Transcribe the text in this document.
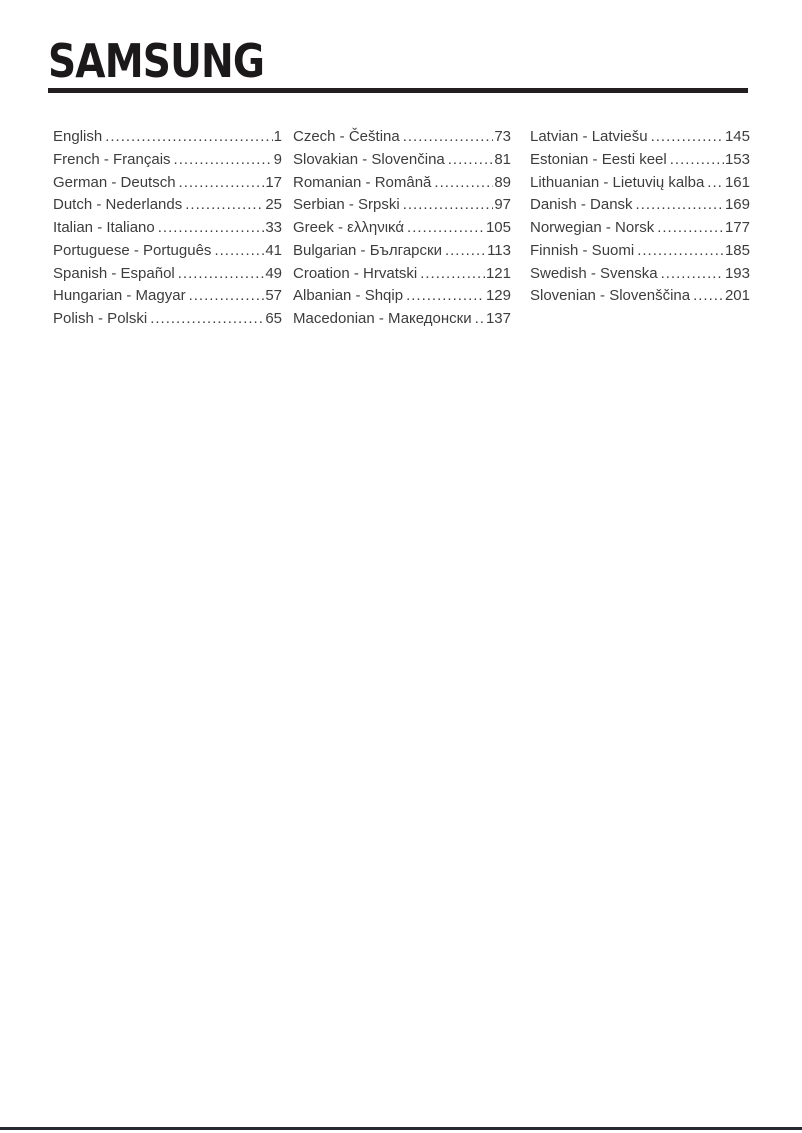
SAMSUNG
English .....	1
French - Français .....	9
German - Deutsch .....	17
Dutch - Nederlands .....	25
Italian - Italiano .....	33
Portuguese - Português .....	41
Spanish - Español .....	49
Hungarian - Magyar .....	57
Polish - Polski .....	65
Czech - Čeština .....	73
Slovakian - Slovenčina .....	81
Romanian - Română .....	89
Serbian - Srpski .....	97
Greek - ελληνικά .....	105
Bulgarian - Български .....	113
Croation - Hrvatski .....	121
Albanian - Shqip .....	129
Macedonian - Македонски ..... 137
Latvian - Latviešu .....	145
Estonian - Eesti keel .....	153
Lithuanian - Lietuvių kalba ..... 161
Danish - Dansk .....	169
Norwegian - Norsk .....	177
Finnish - Suomi .....	185
Swedish - Svenska .....	193
Slovenian - Slovenščina ..... 201
